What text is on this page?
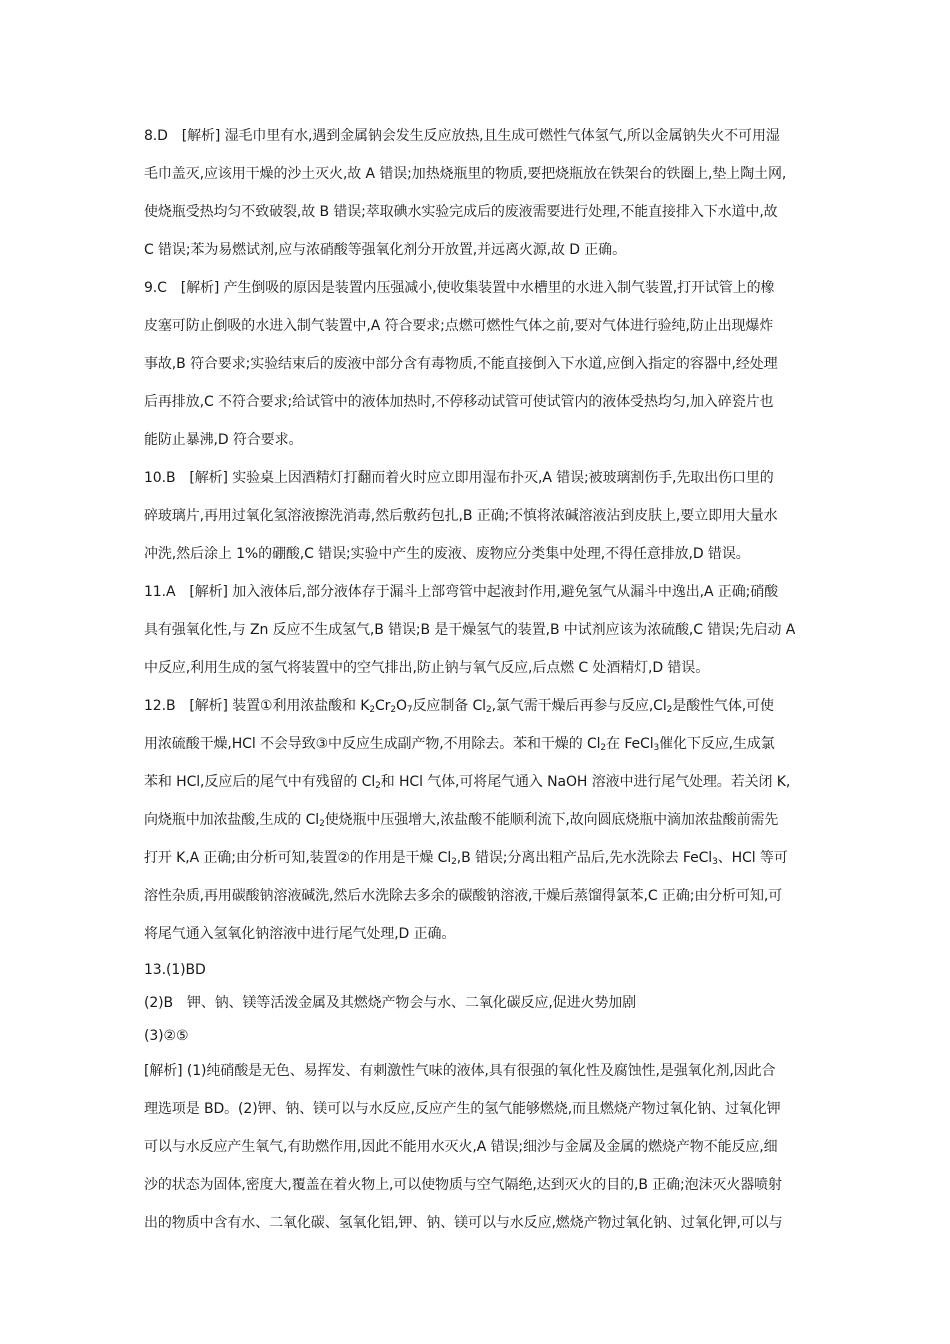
8.D　[解析] 湿毛巾里有水,遇到金属钠会发生反应放热,且生成可燃性气体氢气,所以金属钠失火不可用湿
毛巾盖灭,应该用干燥的沙土灭火,故 A 错误;加热烧瓶里的物质,要把烧瓶放在铁架台的铁圈上,垫上陶土网,
使烧瓶受热均匀不致破裂,故 B 错误;萃取碘水实验完成后的废液需要进行处理,不能直接排入下水道中,故
C 错误;苯为易燃试剂,应与浓硝酸等强氧化剂分开放置,并远离火源,故 D 正确。
9.C　[解析] 产生倒吸的原因是装置内压强减小,使收集装置中水槽里的水进入制气装置,打开试管上的橡
皮塞可防止倒吸的水进入制气装置中,A 符合要求;点燃可燃性气体之前,要对气体进行验纯,防止出现爆炸
事故,B 符合要求;实验结束后的废液中部分含有毒物质,不能直接倒入下水道,应倒入指定的容器中,经处理
后再排放,C 不符合要求;给试管中的液体加热时,不停移动试管可使试管内的液体受热均匀,加入碎瓷片也
能防止暴沸,D 符合要求。
10.B　[解析] 实验桌上因酒精灯打翻而着火时应立即用湿布扑灭,A 错误;被玻璃割伤手,先取出伤口里的
碎玻璃片,再用过氧化氢溶液擦洗消毒,然后敷药包扎,B 正确;不慎将浓碱溶液沾到皮肤上,要立即用大量水
冲洗,然后涂上 1%的硼酸,C 错误;实验中产生的废液、废物应分类集中处理,不得任意排放,D 错误。
11.A　[解析] 加入液体后,部分液体存于漏斗上部弯管中起液封作用,避免氢气从漏斗中逸出,A 正确;硝酸
具有强氧化性,与 Zn 反应不生成氢气,B 错误;B 是干燥氢气的装置,B 中试剂应该为浓硫酸,C 错误;先启动 A
中反应,利用生成的氢气将装置中的空气排出,防止钠与氧气反应,后点燃 C 处酒精灯,D 错误。
12.B　[解析] 装置①利用浓盐酸和 $K_2Cr_2O_7$反应制备 $Cl_2$,氯气需干燥后再参与反应$,Cl_2$是酸性气体,可使
用浓硫酸干燥,HCl 不会导致③中反应生成副产物,不用除去。苯和干燥的 $Cl_2$在 FeCl$_3$催化下反应,生成氯
苯和 HCl,反应后的尾气中有残留的 $Cl_2$和 HCl 气体,可将尾气通入 NaOH 溶液中进行尾气处理。若关闭 K,
向烧瓶中加浓盐酸,生成的 $Cl_2$使烧瓶中压强增大,浓盐酸不能顺利流下,故向圆底烧瓶中滴加浓盐酸前需先
打开 K,A 正确;由分析可知,装置②的作用是干燥 $Cl_2,B$ 错误;分离出粗产品后,先水洗除去 FeCl$_3$、HCl 等可
溶性杂质,再用碳酸钠溶液碱洗,然后水洗除去多余的碳酸钠溶液,干燥后蒸馏得氯苯,C 正确;由分析可知,可
将尾气通入氢氧化钠溶液中进行尾气处理,D 正确。
13.(1)BD
(2)B　钾、钠、镁等活泼金属及其燃烧产物会与水、二氧化碳反应,促进火势加剧
(3)②⑤
[解析] (1)纯硝酸是无色、易挥发、有刺激性气味的液体,具有很强的氧化性及腐蚀性,是强氧化剂,因此合
理选项是 BD。(2)钾、钠、镁可以与水反应,反应产生的氢气能够燃烧,而且燃烧产物过氧化钠、过氧化钾
可以与水反应产生氧气,有助燃作用,因此不能用水灭火,A 错误;细沙与金属及金属的燃烧产物不能反应,细
沙的状态为固体,密度大,覆盖在着火物上,可以使物质与空气隔绝,达到灭火的目的,B 正确;泡沫灭火器喷射
出的物质中含有水、二氧化碳、氢氧化铝,钾、钠、镁可以与水反应,燃烧产物过氧化钠、过氧化钾,可以与
